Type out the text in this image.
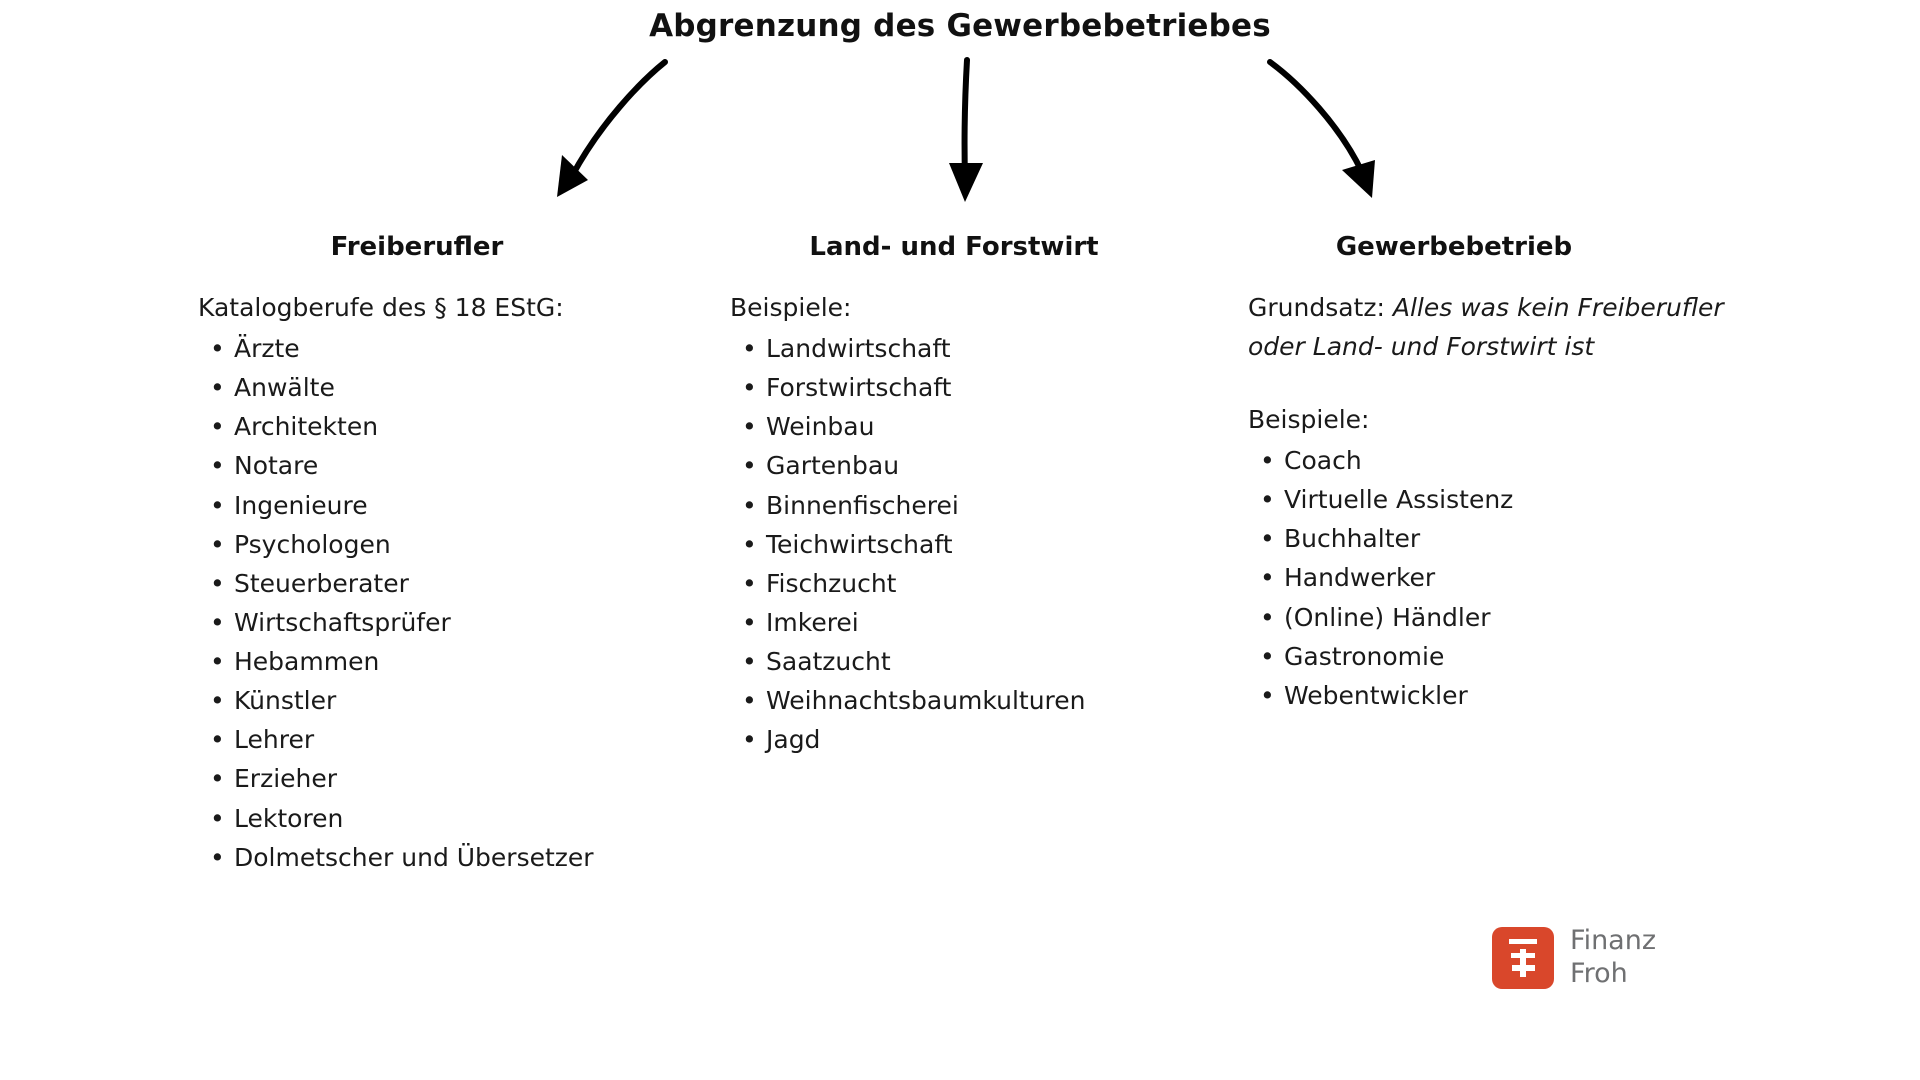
Abgrenzung des Gewerbebetriebes
Freiberufler
Katalogberufe des § 18 EStG:
• Ärzte
• Anwälte
• Architekten
• Notare
• Ingenieure
• Psychologen
• Steuerberater
• Wirtschaftsprüfer
• Hebammen
• Künstler
• Lehrer
• Erzieher
• Lektoren
• Dolmetscher und Übersetzer
Land- und Forstwirt
Beispiele:
• Landwirtschaft
• Forstwirtschaft
• Weinbau
• Gartenbau
• Binnenfischerei
• Teichwirtschaft
• Fischzucht
• Imkerei
• Saatzucht
• Weihnachtsbaumkulturen
• Jagd
Gewerbebetrieb
Grundsatz: Alles was kein Freiberufler oder Land- und Forstwirt ist
Beispiele:
• Coach
• Virtuelle Assistenz
• Buchhalter
• Handwerker
• (Online) Händler
• Gastronomie
• Webentwickler
Finanz
Froh
